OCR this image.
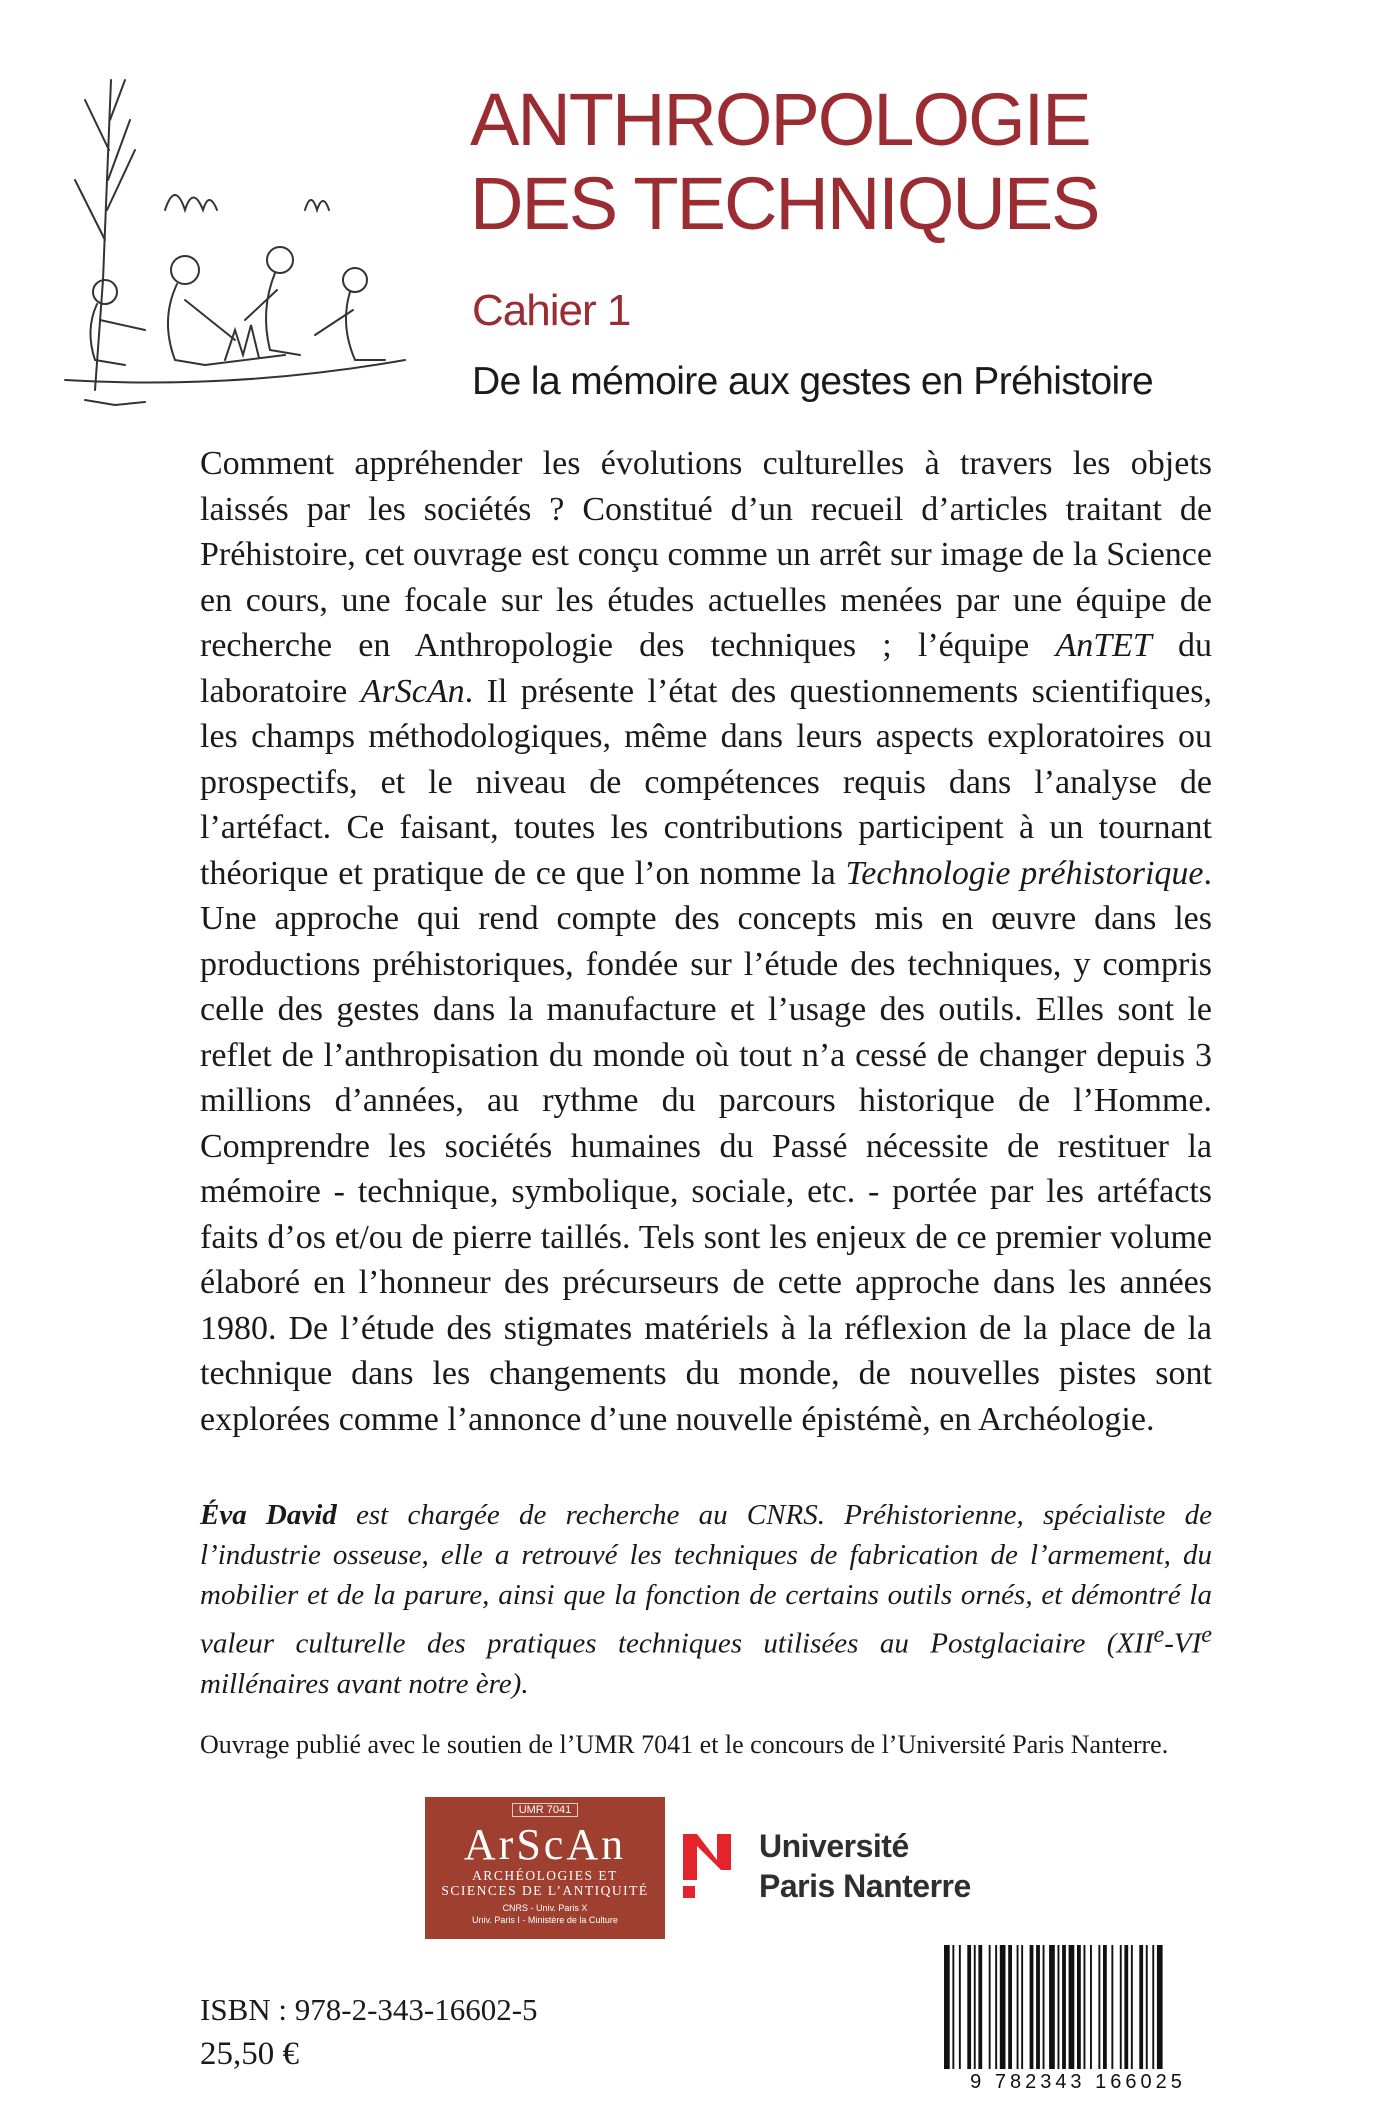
ANTHROPOLOGIE
DES TECHNIQUES
Cahier 1
De la mémoire aux gestes en Préhistoire

Comment appréhender les évolutions culturelles à travers les objets laissés par les sociétés ? Constitué d’un recueil d’articles traitant de Préhistoire, cet ouvrage est conçu comme un arrêt sur image de la Science en cours, une focale sur les études actuelles menées par une équipe de recherche en Anthropologie des techniques ; l’équipe AnTET du laboratoire ArScAn. Il présente l’état des questionnements scientifiques, les champs méthodologiques, même dans leurs aspects exploratoires ou prospectifs, et le niveau de compétences requis dans l’analyse de l’artéfact. Ce faisant, toutes les contributions participent à un tournant théorique et pratique de ce que l’on nomme la Technologie préhistorique. Une approche qui rend compte des concepts mis en œuvre dans les productions préhistoriques, fondée sur l’étude des techniques, y compris celle des gestes dans la manufacture et l’usage des outils. Elles sont le reflet de l’anthropisation du monde où tout n’a cessé de changer depuis 3 millions d’années, au rythme du parcours historique de l’Homme. Comprendre les sociétés humaines du Passé nécessite de restituer la mémoire - technique, symbolique, sociale, etc. - portée par les artéfacts faits d’os et/ou de pierre taillés. Tels sont les enjeux de ce premier volume élaboré en l’honneur des précurseurs de cette approche dans les années 1980. De l’étude des stigmates matériels à la réflexion de la place de la technique dans les changements du monde, de nouvelles pistes sont explorées comme l’annonce d’une nouvelle épistémè, en Archéologie.

Éva David est chargée de recherche au CNRS. Préhistorienne, spécialiste de l’industrie osseuse, elle a retrouvé les techniques de fabrication de l’armement, du mobilier et de la parure, ainsi que la fonction de certains outils ornés, et démontré la valeur culturelle des pratiques techniques utilisées au Postglaciaire (XIIe-VIe millénaires avant notre ère).

Ouvrage publié avec le soutien de l’UMR 7041 et le concours de l’Université Paris Nanterre.

UMR 7041
ArScAn
ARCHÉOLOGIES ET
SCIENCES DE L’ANTIQUITÉ
CNRS - Univ. Paris X
Univ. Paris I - Ministère de la Culture
Université
Paris Nanterre
ISBN : 978-2-343-16602-5
25,50 €
9 782343 166025
